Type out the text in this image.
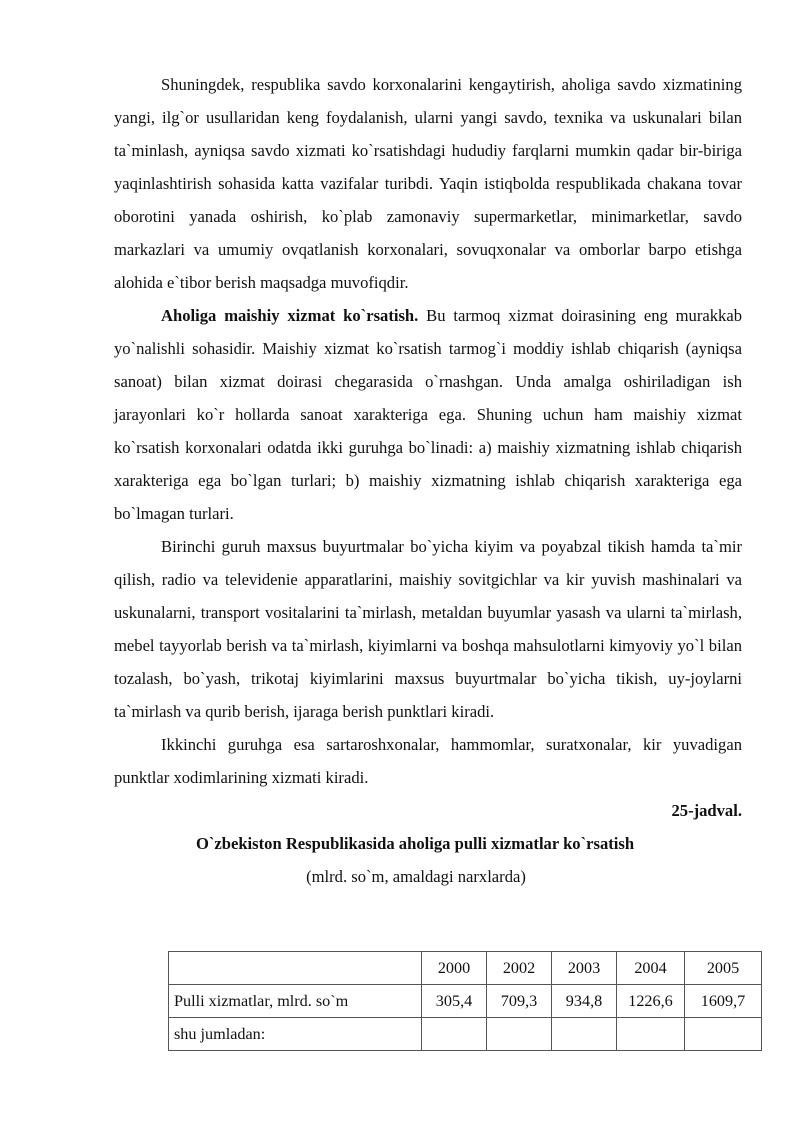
Shuningdek, respublika savdo korxonalarini kengaytirish, aholiga savdo xizmatining yangi, ilg`or usullaridan keng foydalanish, ularni yangi savdo, texnika va uskunalari bilan ta`minlash, ayniqsa savdo xizmati ko`rsatishdagi hududiy farqlarni mumkin qadar bir-biriga yaqinlashtirish sohasida katta vazifalar turibdi. Yaqin istiqbolda respublikada chakana tovar oborotini yanada oshirish, ko`plab zamonaviy supermarketlar, minimarketlar, savdo markazlari va umumiy ovqatlanish korxonalari, sovuqxonalar va omborlar barpo etishga alohida e`tibor berish maqsadga muvofiqdir.

Aholiga maishiy xizmat ko`rsatish. Bu tarmoq xizmat doirasining eng murakkab yo`nalishli sohasidir. Maishiy xizmat ko`rsatish tarmog`i moddiy ishlab chiqarish (ayniqsa sanoat) bilan xizmat doirasi chegarasida o`rnashgan. Unda amalga oshiriladigan ish jarayonlari ko`r hollarda sanoat xarakteriga ega. Shuning uchun ham maishiy xizmat ko`rsatish korxonalari odatda ikki guruhga bo`linadi: a) maishiy xizmatning ishlab chiqarish xarakteriga ega bo`lgan turlari; b) maishiy xizmatning ishlab chiqarish xarakteriga ega bo`lmagan turlari.

Birinchi guruh maxsus buyurtmalar bo`yicha kiyim va poyabzal tikish hamda ta`mir qilish, radio va televidenie apparatlarini, maishiy sovitgichlar va kir yuvish mashinalari va uskunalarni, transport vositalarini ta`mirlash, metaldan buyumlar yasash va ularni ta`mirlash, mebel tayyorlab berish va ta`mirlash, kiyimlarni va boshqa mahsulotlarni kimyoviy yo`l bilan tozalash, bo`yash, trikotaj kiyimlarini maxsus buyurtmalar bo`yicha tikish, uy-joylarni ta`mirlash va qurib berish, ijaraga berish punktlari kiradi.

Ikkinchi guruhga esa sartaroshxonalar, hammomlar, suratxonalar, kir yuvadigan punktlar xodimlarining xizmati kiradi.

25-jadval.

O`zbekiston Respublikasida aholiga pulli xizmatlar ko`rsatish

(mlrd. so`m, amaldagi narxlarda)

	2000	2002	2003	2004	2005
Pulli xizmatlar, mlrd. so`m	305,4	709,3	934,8	1226,6	1609,7
shu jumladan:					
